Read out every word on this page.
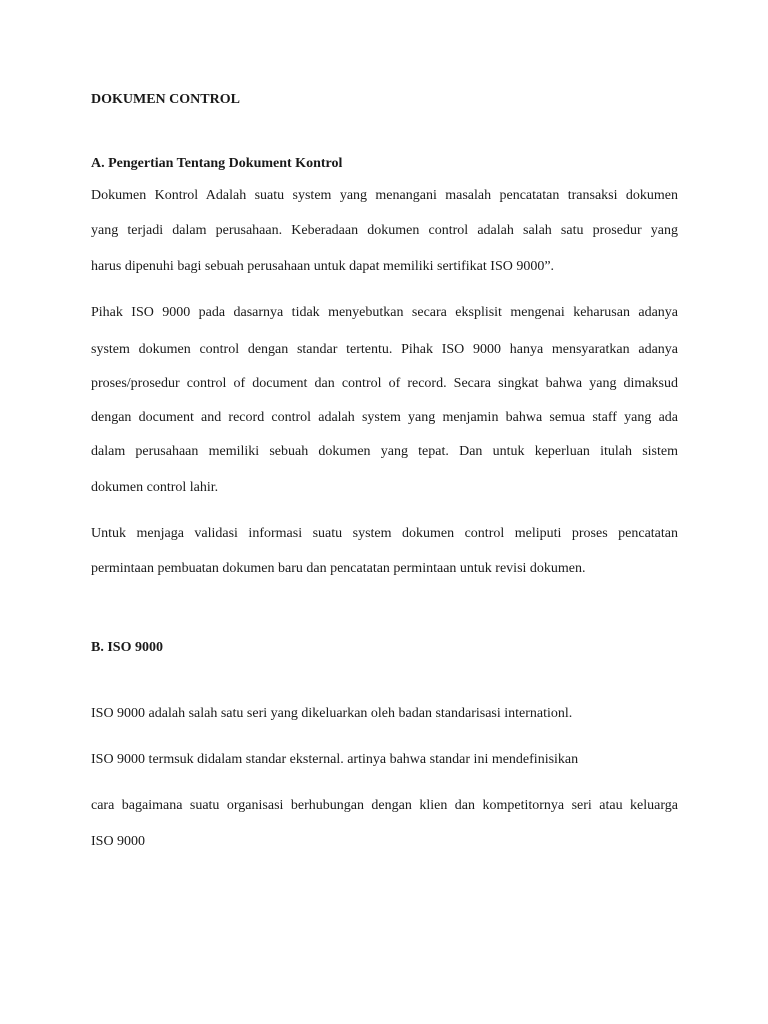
DOKUMEN CONTROL

A. Pengertian Tentang Dokument Kontrol

Dokumen Kontrol Adalah suatu system yang menangani masalah pencatatan transaksi dokumen

yang terjadi dalam perusahaan. Keberadaan dokumen control adalah salah satu prosedur yang

harus dipenuhi bagi sebuah perusahaan untuk dapat memiliki sertifikat ISO 9000”.

Pihak ISO 9000 pada dasarnya tidak menyebutkan secara eksplisit mengenai keharusan adanya

system dokumen control dengan standar tertentu. Pihak ISO 9000 hanya mensyaratkan adanya

proses/prosedur control of document dan control of record. Secara singkat bahwa yang dimaksud

dengan document and record control adalah system yang menjamin bahwa semua staff yang ada

dalam perusahaan memiliki sebuah dokumen yang tepat. Dan untuk keperluan itulah sistem

dokumen control lahir.

Untuk menjaga validasi informasi suatu system dokumen control meliputi proses pencatatan

permintaan pembuatan dokumen baru dan pencatatan permintaan untuk revisi dokumen.

B. ISO 9000

ISO 9000 adalah salah satu seri yang dikeluarkan oleh badan standarisasi internationl.

ISO 9000 termsuk didalam standar eksternal. artinya bahwa standar ini mendefinisikan

cara bagaimana suatu organisasi berhubungan dengan klien dan kompetitornya seri atau keluarga

ISO 9000
